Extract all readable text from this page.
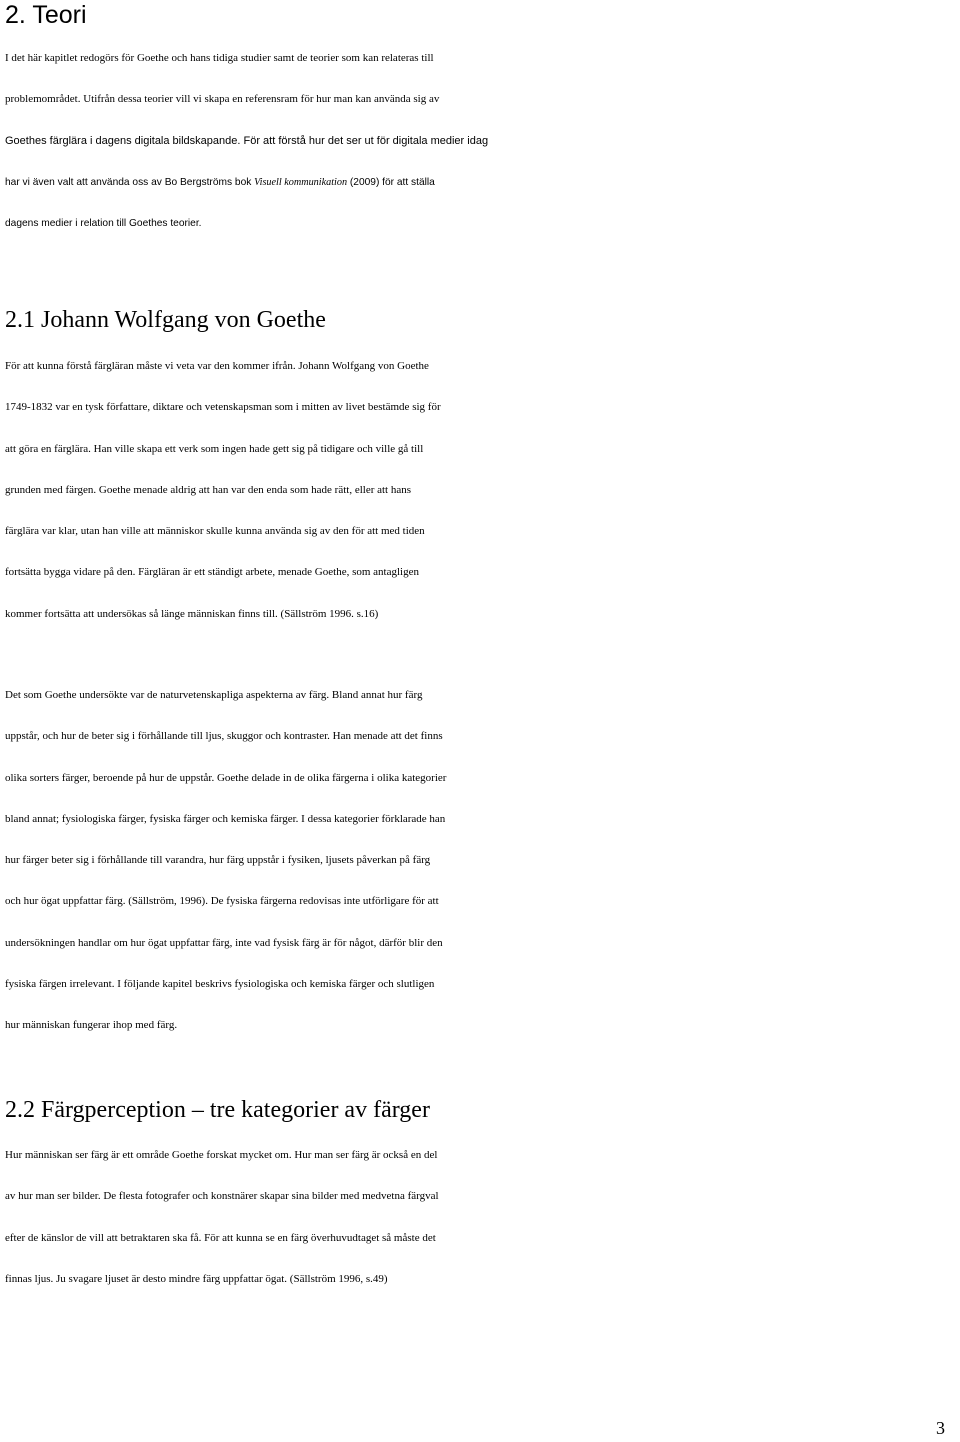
2. Teori
I det här kapitlet redogörs för Goethe och hans tidiga studier samt de teorier som kan relateras till
problemområdet. Utifrån dessa teorier vill vi skapa en referensram för hur man kan använda sig av
Goethes färglära i dagens digitala bildskapande. För att förstå hur det ser ut för digitala medier idag
har vi även valt att använda oss av Bo Bergströms bok Visuell kommunikation (2009) för att ställa
dagens medier i relation till Goethes teorier.
2.1 Johann Wolfgang von Goethe
För att kunna förstå färgläran måste vi veta var den kommer ifrån. Johann Wolfgang von Goethe
1749-1832 var en tysk författare, diktare och vetenskapsman som i mitten av livet bestämde sig för
att göra en färglära. Han ville skapa ett verk som ingen hade gett sig på tidigare och ville gå till
grunden med färgen. Goethe menade aldrig att han var den enda som hade rätt, eller att hans
färglära var klar, utan han ville att människor skulle kunna använda sig av den för att med tiden
fortsätta bygga vidare på den. Färgläran är ett ständigt arbete, menade Goethe, som antagligen
kommer fortsätta att undersökas så länge människan finns till. (Sällström 1996. s.16)
Det som Goethe undersökte var de naturvetenskapliga aspekterna av färg. Bland annat hur färg
uppstår, och hur de beter sig i förhållande till ljus, skuggor och kontraster. Han menade att det finns
olika sorters färger, beroende på hur de uppstår. Goethe delade in de olika färgerna i olika kategorier
bland annat; fysiologiska färger, fysiska färger och kemiska färger. I dessa kategorier förklarade han
hur färger beter sig i förhållande till varandra, hur färg uppstår i fysiken, ljusets påverkan på färg
och hur ögat uppfattar färg. (Sällström, 1996). De fysiska färgerna redovisas inte utförligare för att
undersökningen handlar om hur ögat uppfattar färg, inte vad fysisk färg är för något, därför blir den
fysiska färgen irrelevant. I följande kapitel beskrivs fysiologiska och kemiska färger och slutligen
hur människan fungerar ihop med färg.
2.2 Färgperception – tre kategorier av färger
Hur människan ser färg är ett område Goethe forskat mycket om. Hur man ser färg är också en del
av hur man ser bilder. De flesta fotografer och konstnärer skapar sina bilder med medvetna färgval
efter de känslor de vill att betraktaren ska få. För att kunna se en färg överhuvudtaget så måste det
finnas ljus. Ju svagare ljuset är desto mindre färg uppfattar ögat. (Sällström 1996, s.49)
3
